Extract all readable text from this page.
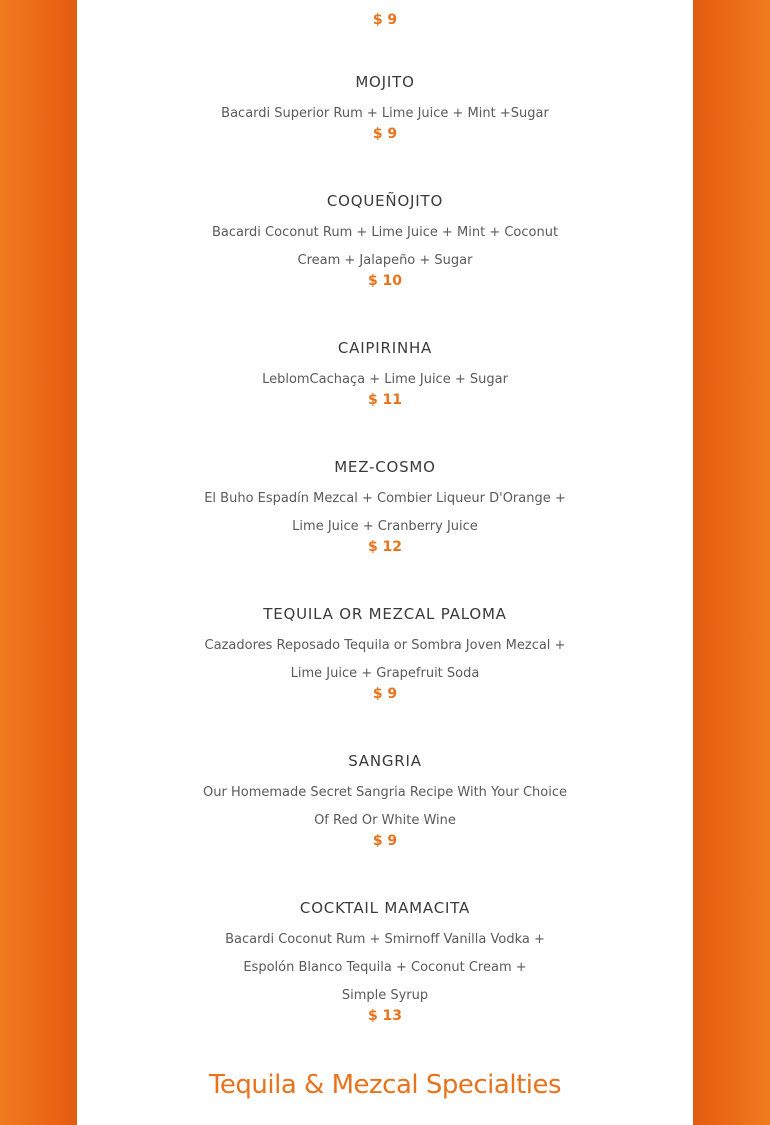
$ 9
MOJITO
Bacardi Superior Rum + Lime Juice + Mint +Sugar
$ 9
COQUEÑOJITO
Bacardi Coconut Rum + Lime Juice + Mint + Coconut Cream + Jalapeño + Sugar
$ 10
CAIPIRINHA
LeblomCachaça + Lime Juice + Sugar
$ 11
MEZ-COSMO
El Buho Espadín Mezcal + Combier Liqueur D'Orange + Lime Juice + Cranberry Juice
$ 12
TEQUILA OR MEZCAL PALOMA
Cazadores Reposado Tequila or Sombra Joven Mezcal + Lime Juice + Grapefruit Soda
$ 9
SANGRIA
Our Homemade Secret Sangria Recipe With Your Choice Of Red Or White Wine
$ 9
COCKTAIL MAMACITA
Bacardi Coconut Rum + Smirnoff Vanilla Vodka + Espolón Blanco Tequila + Coconut Cream + Simple Syrup
$ 13
Tequila & Mezcal Specialties
